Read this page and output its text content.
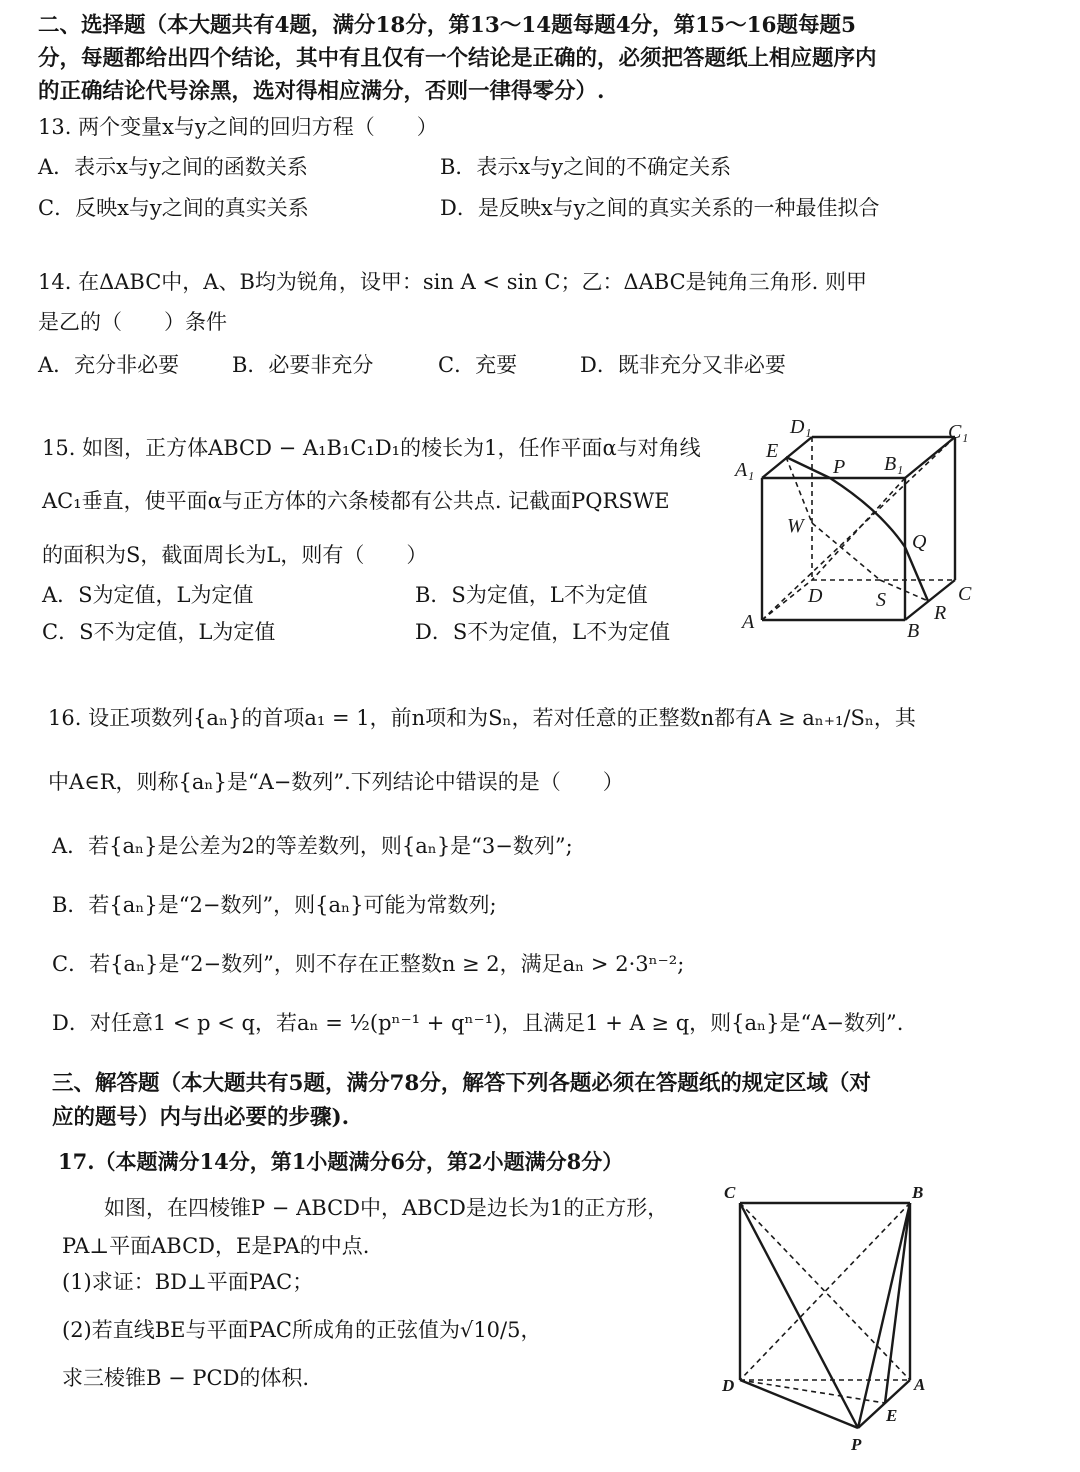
二、选择题（本大题共有4题，满分18分，第13～14题每题4分，第15～16题每题5
分，每题都给出四个结论，其中有且仅有一个结论是正确的，必须把答题纸上相应题序内
的正确结论代号涂黑，选对得相应满分，否则一律得零分）.
13. 两个变量x与y之间的回归方程（　　）
A．表示x与y之间的函数关系	B．表示x与y之间的不确定关系
C．反映x与y之间的真实关系	D．是反映x与y之间的真实关系的一种最佳拟合
14. 在ΔABC中，A、B均为锐角，设甲：sin A < sin C；乙：ΔABC是钝角三角形. 则甲
是乙的（　　）条件
A．充分非必要	B．必要非充分	C．充要	D．既非充分又非必要
15. 如图，正方体ABCD − A₁B₁C₁D₁的棱长为1，任作平面α与对角线
AC₁垂直，使平面α与正方体的六条棱都有公共点. 记截面PQRSWE
的面积为S，截面周长为L，则有（　　）
A．S为定值，L为定值	B．S为定值，L不为定值
C．S不为定值，L为定值	D．S不为定值，L不为定值
D₁	C₁
E
A₁	P B₁
W
Q
D	S	C
A	R
B
16. 设正项数列{aₙ}的首项a₁ = 1，前n项和为Sₙ，若对任意的正整数n都有A ≥ aₙ₊₁/Sₙ，其
中A∈R，则称{aₙ}是“A−数列”.下列结论中错误的是（　　）
A．若{aₙ}是公差为2的等差数列，则{aₙ}是“3−数列”;
B．若{aₙ}是“2−数列”，则{aₙ}可能为常数列;
C．若{aₙ}是“2−数列”，则不存在正整数n ≥ 2，满足aₙ > 2·3ⁿ⁻²;
D．对任意1 < p < q，若aₙ = ½(pⁿ⁻¹ + qⁿ⁻¹)，且满足1 + A ≥ q，则{aₙ}是“A−数列”.
三、解答题（本大题共有5题，满分78分，解答下列各题必须在答题纸的规定区域（对
应的题号）内与出必要的步骤).
17.（本题满分14分，第1小题满分6分，第2小题满分8分）
如图，在四棱锥P − ABCD中，ABCD是边长为1的正方形，
PA⊥平面ABCD，E是PA的中点.
(1)求证：BD⊥平面PAC；
(2)若直线BE与平面PAC所成角的正弦值为√10/5，
求三棱锥B − PCD的体积.
C	B
D	A
E
P
